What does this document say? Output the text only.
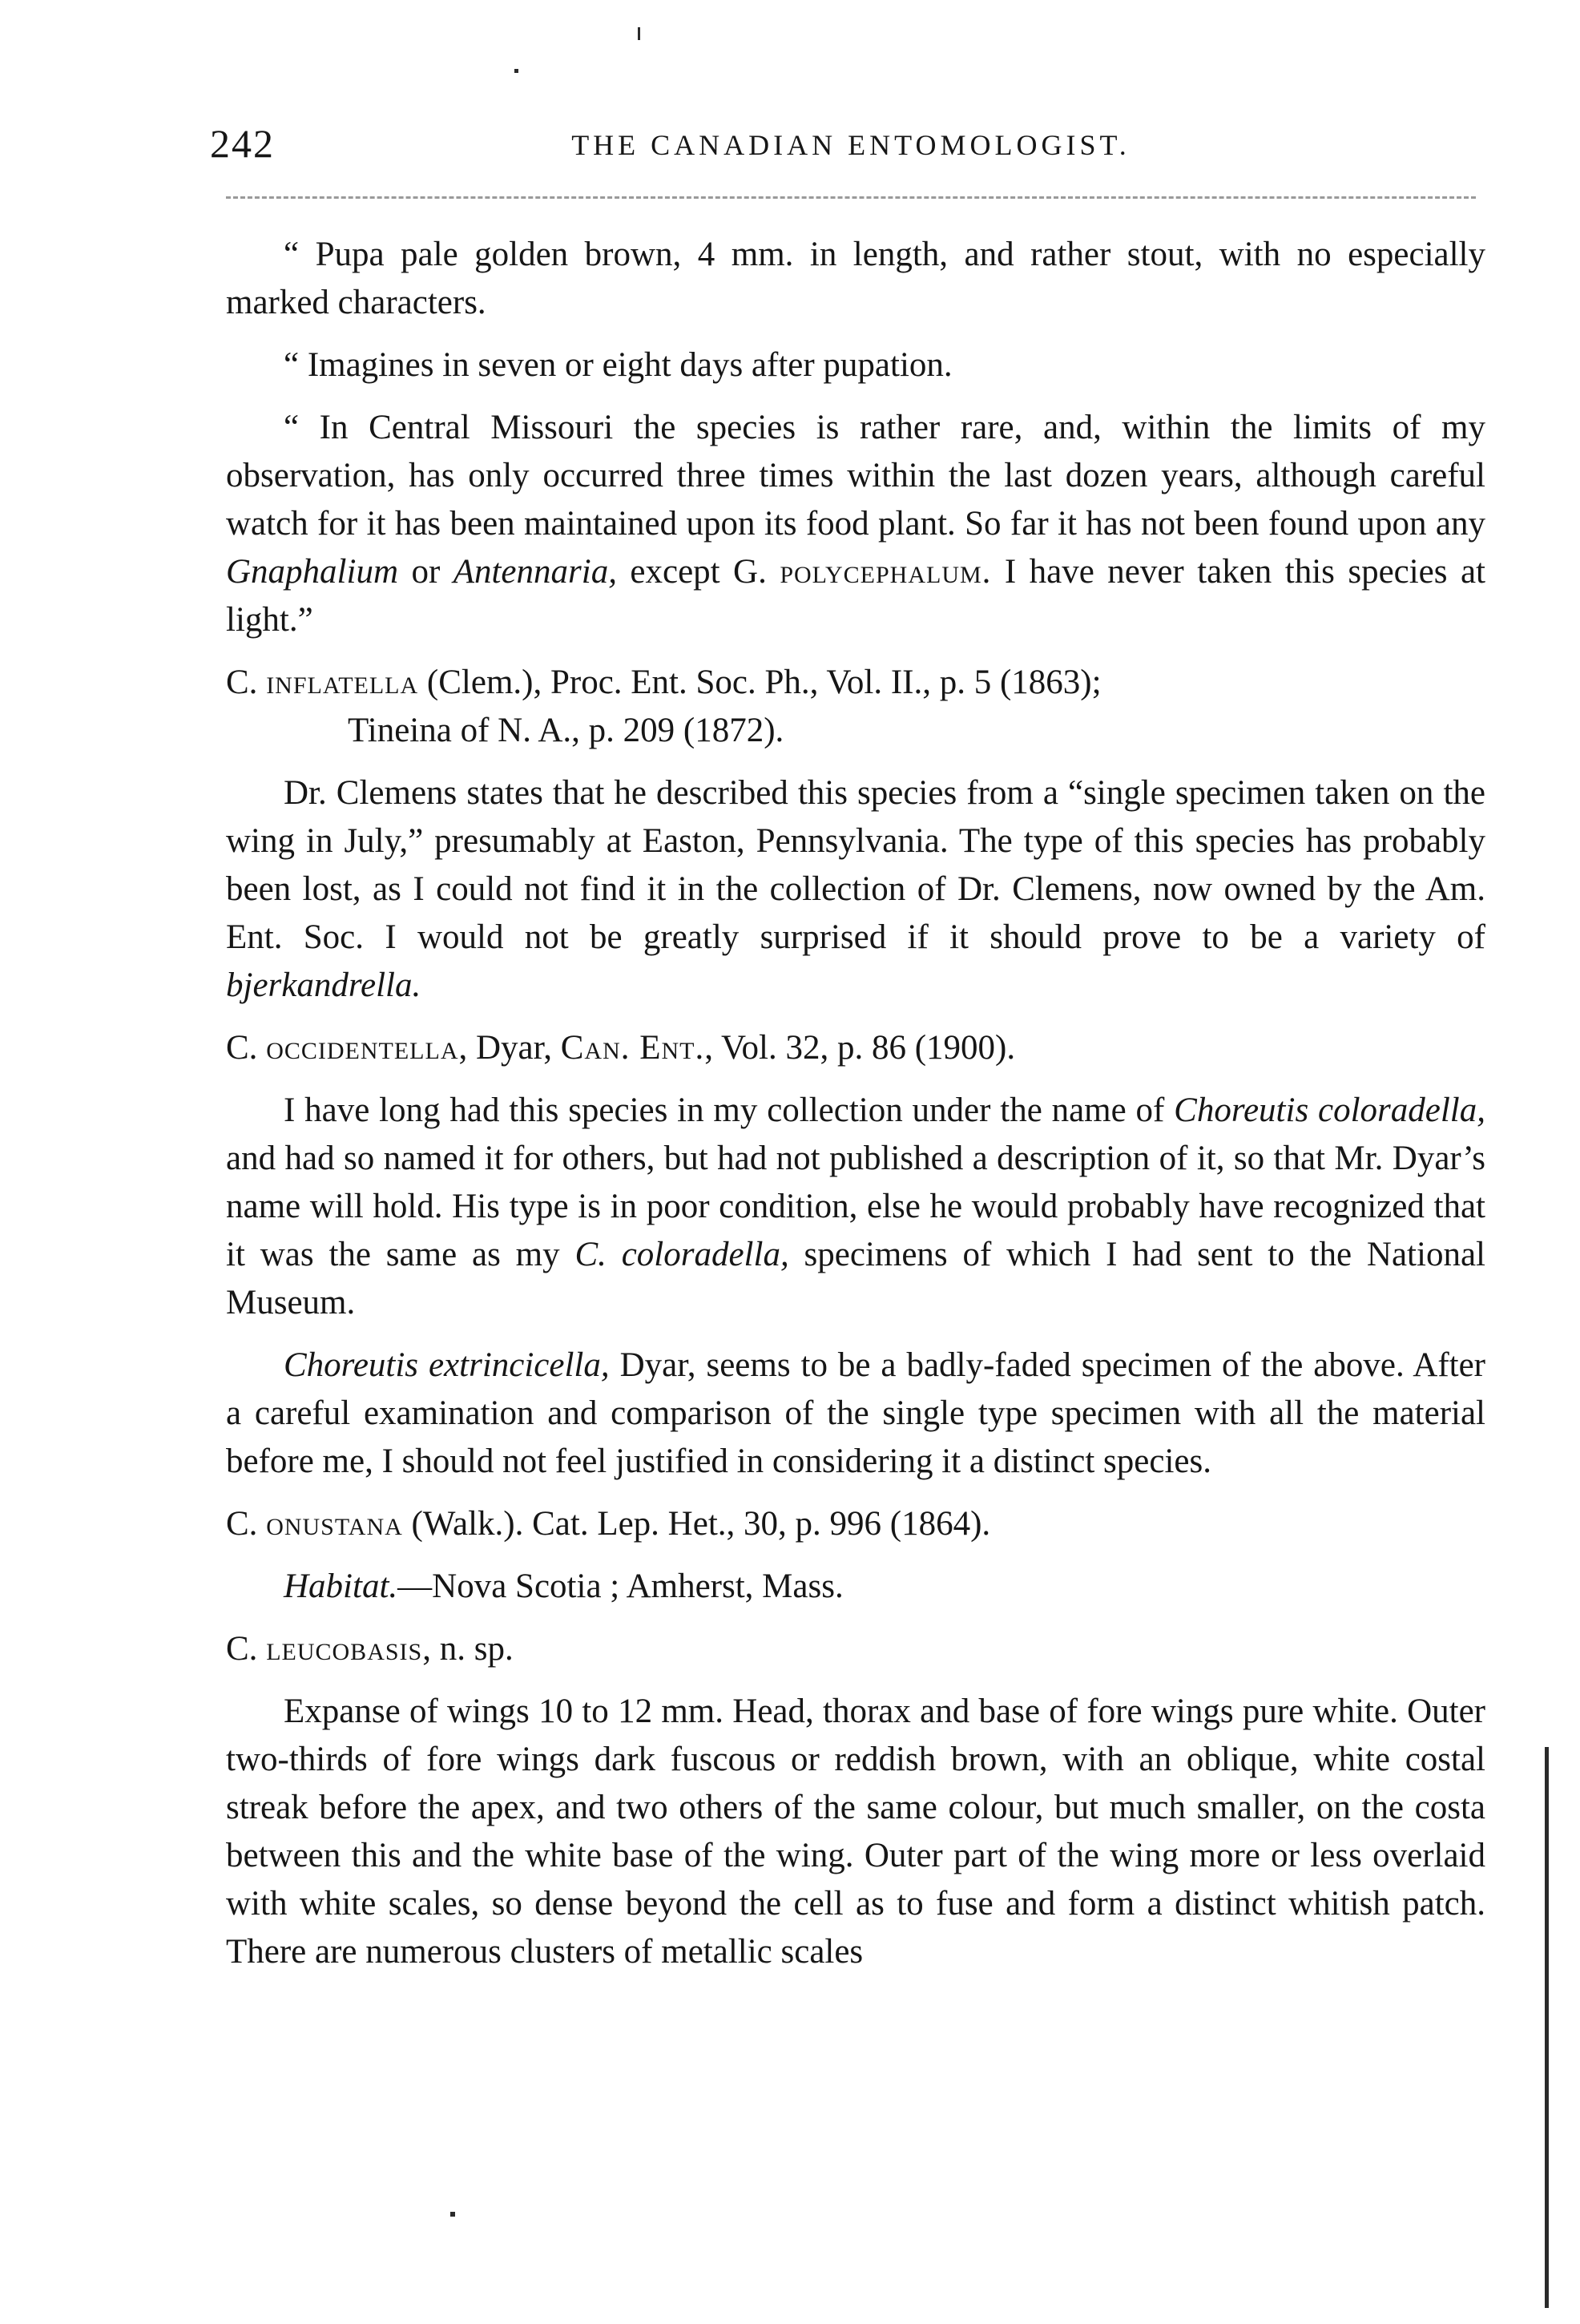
242	THE CANADIAN ENTOMOLOGIST.

“ Pupa pale golden brown, 4 mm. in length, and rather stout, with no especially marked characters.

“ Imagines in seven or eight days after pupation.

“ In Central Missouri the species is rather rare, and, within the limits of my observation, has only occurred three times within the last dozen years, although careful watch for it has been maintained upon its food plant. So far it has not been found upon any Gnaphalium or Antennaria, except G. polycephalum. I have never taken this species at light.”

C. inflatella (Clem.), Proc. Ent. Soc. Ph., Vol. II., p. 5 (1863);

Tineina of N. A., p. 209 (1872).

Dr. Clemens states that he described this species from a “single specimen taken on the wing in July,” presumably at Easton, Pennsylvania. The type of this species has probably been lost, as I could not find it in the collection of Dr. Clemens, now owned by the Am. Ent. Soc. I would not be greatly surprised if it should prove to be a variety of bjerkandrella.

C. occidentella, Dyar, Can. Ent., Vol. 32, p. 86 (1900).

I have long had this species in my collection under the name of Choreutis coloradella, and had so named it for others, but had not published a description of it, so that Mr. Dyar’s name will hold. His type is in poor condition, else he would probably have recognized that it was the same as my C. coloradella, specimens of which I had sent to the National Museum.

Choreutis extrincicella, Dyar, seems to be a badly-faded specimen of the above. After a careful examination and comparison of the single type specimen with all the material before me, I should not feel justified in considering it a distinct species.

C. onustana (Walk.). Cat. Lep. Het., 30, p. 996 (1864).

Habitat.—Nova Scotia ; Amherst, Mass.

C. leucobasis, n. sp.

Expanse of wings 10 to 12 mm. Head, thorax and base of fore wings pure white. Outer two-thirds of fore wings dark fuscous or reddish brown, with an oblique, white costal streak before the apex, and two others of the same colour, but much smaller, on the costa between this and the white base of the wing. Outer part of the wing more or less overlaid with white scales, so dense beyond the cell as to fuse and form a distinct whitish patch. There are numerous clusters of metallic scales
